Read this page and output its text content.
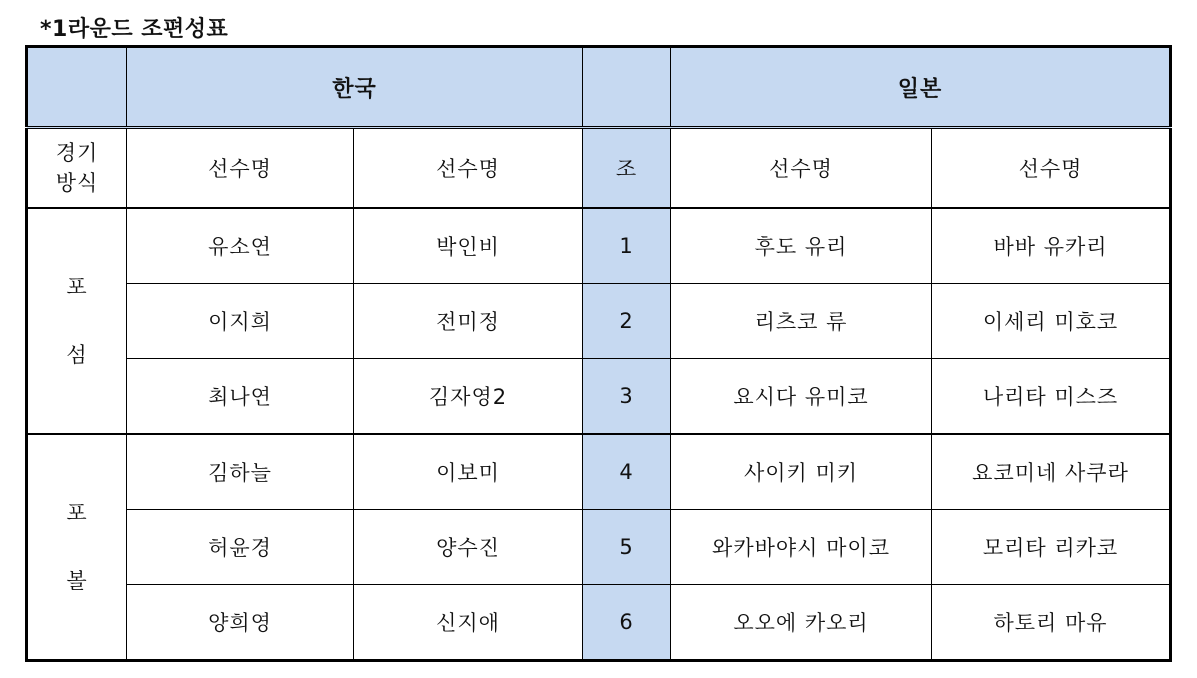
*1라운드 조편성표
	한국			일본	

경기
방식	선수명	선수명	조	선수명	선수명

포
섬	유소연	박인비	1	후도 유리	바바 유카리
	이지희	전미정	2	리츠코 류	이세리 미호코
	최나연	김자영2	3	요시다 유미코	나리타 미스즈

포
볼	김하늘	이보미	4	사이키 미키	요코미네 사쿠라
	허윤경	양수진	5	와카바야시 마이코	모리타 리카코
	양희영	신지애	6	오오에 카오리	하토리 마유
